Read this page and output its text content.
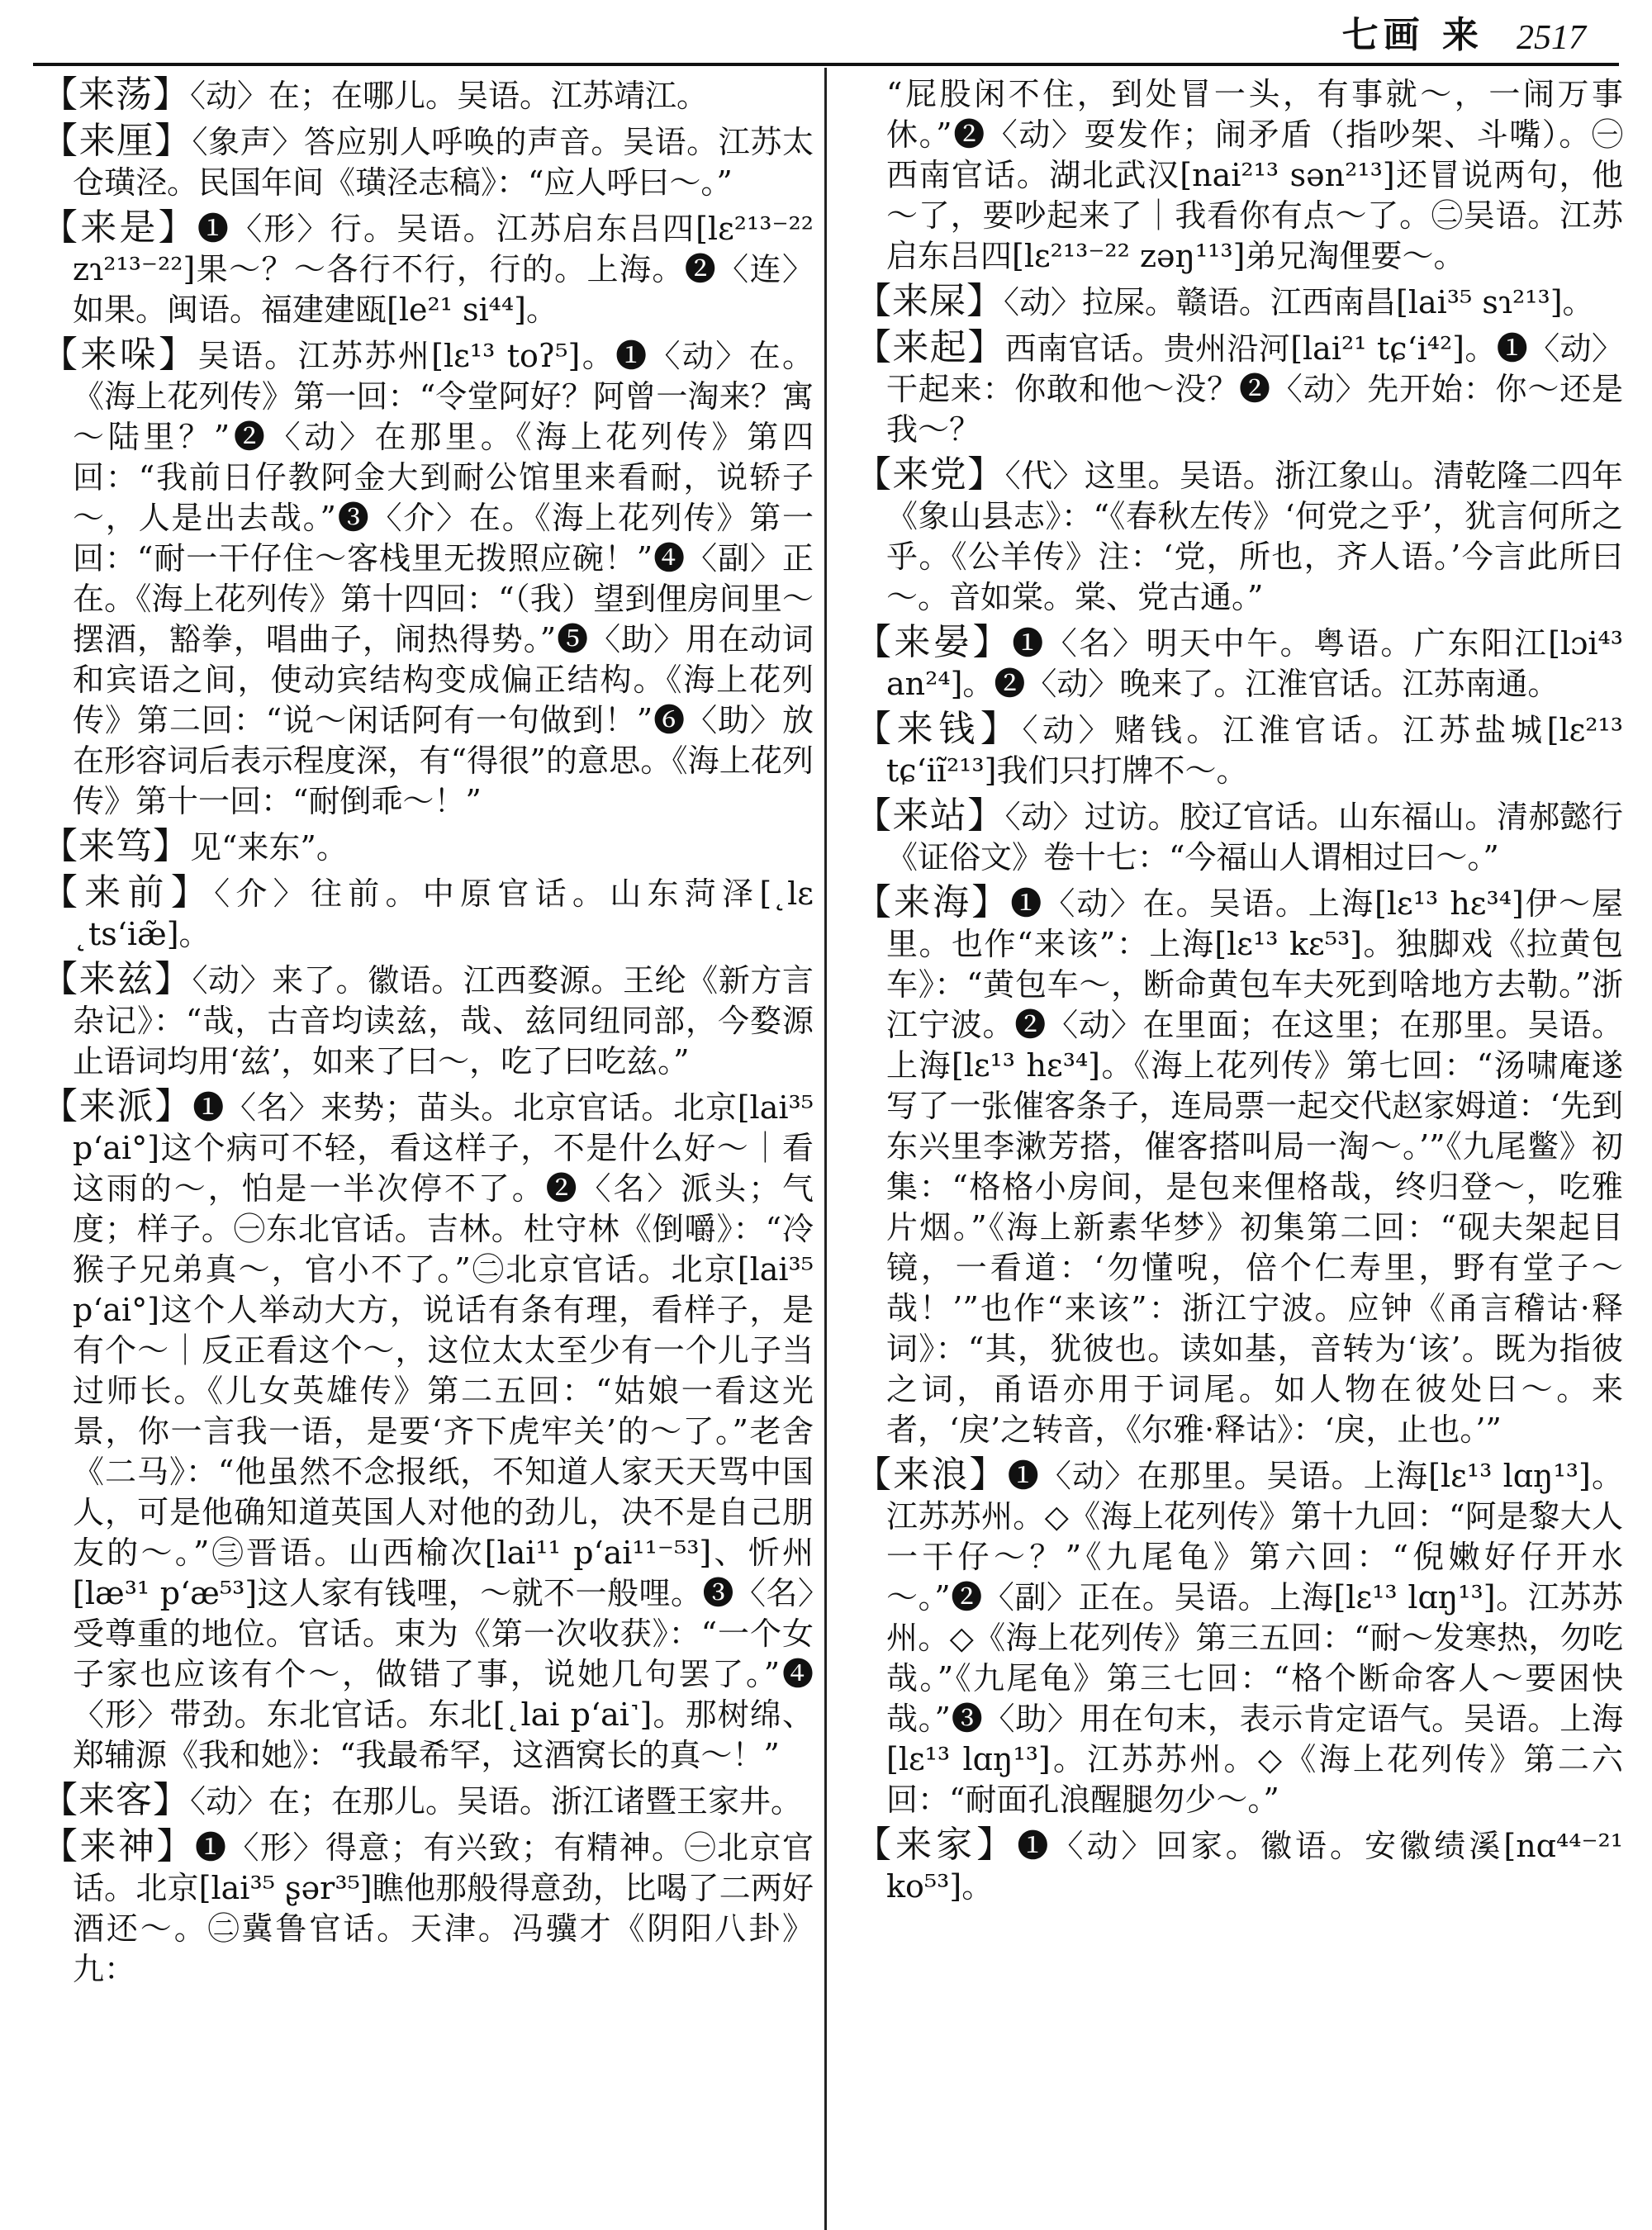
七画 来 2517

【来荡】〈动〉在；在哪儿。吴语。江苏靖江。

【来厘】〈象声〉答应别人呼唤的声音。吴语。江苏太仓璜泾。民国年间《璜泾志稿》：“应人呼曰～。”

【来是】❶〈形〉行。吴语。江苏启东吕四[lɛ²¹³⁻²² zɿ²¹³⁻²²]果～？～各行不行，行的。上海。❷〈连〉如果。闽语。福建建瓯[le²¹ si⁴⁴]。

【来哚】吴语。江苏苏州[lɛ¹³ toʔ⁵]。❶〈动〉在。《海上花列传》第一回：“令堂阿好？阿曾一淘来？寓～陆里？”❷〈动〉在那里。《海上花列传》第四回：“我前日仔教阿金大到耐公馆里来看耐，说轿子～，人是出去哉。”❸〈介〉在。《海上花列传》第一回：“耐一干仔住～客栈里无拨照应碗！”❹〈副〉正在。《海上花列传》第十四回：“（我）望到俚房间里～摆酒，豁拳，唱曲子，闹热得势。”❺〈助〉用在动词和宾语之间，使动宾结构变成偏正结构。《海上花列传》第二回：“说～闲话阿有一句做到！”❻〈助〉放在形容词后表示程度深，有“得很”的意思。《海上花列传》第十一回：“耐倒乖～！”

【来笃】见“来东”。

【来前】〈介〉往前。中原官话。山东菏泽[˛lɛ ˛tsʻiæ̃]。

【来兹】〈动〉来了。徽语。江西婺源。王纶《新方言杂记》：“哉，古音均读兹，哉、兹同纽同部，今婺源止语词均用‘兹’，如来了曰～，吃了曰吃兹。”

【来派】❶〈名〉来势；苗头。北京官话。北京[lai³⁵ pʻai°]这个病可不轻，看这样子，不是什么好～｜看这雨的～，怕是一半次停不了。❷〈名〉派头；气度；样子。㊀东北官话。吉林。杜守林《倒嚼》：“冷猴子兄弟真～，官小不了。”㊁北京官话。北京[lai³⁵ pʻai°]这个人举动大方，说话有条有理，看样子，是有个～｜反正看这个～，这位太太至少有一个儿子当过师长。《儿女英雄传》第二五回：“姑娘一看这光景，你一言我一语，是要‘齐下虎牢关’的～了。”老舍《二马》：“他虽然不念报纸，不知道人家天天骂中国人，可是他确知道英国人对他的劲儿，决不是自己朋友的～。”㊂晋语。山西榆次[lai¹¹ pʻai¹¹⁻⁵³]、忻州[læ³¹ pʻæ⁵³]这人家有钱哩，～就不一般哩。❸〈名〉受尊重的地位。官话。束为《第一次收获》：“一个女子家也应该有个～，做错了事，说她几句罢了。”❹〈形〉带劲。东北官话。东北[˛lai pʻai˺]。那树绵、郑辅源《我和她》：“我最希罕，这酒窝长的真～！”

【来客】〈动〉在；在那儿。吴语。浙江诸暨王家井。

【来神】❶〈形〉得意；有兴致；有精神。㊀北京官话。北京[lai³⁵ ʂər³⁵]瞧他那般得意劲，比喝了二两好酒还～。㊁冀鲁官话。天津。冯骥才《阴阳八卦》九：

“屁股闲不住，到处冒一头，有事就～，一闹万事休。”❷〈动〉耍发作；闹矛盾（指吵架、斗嘴）。㊀西南官话。湖北武汉[nai²¹³ sən²¹³]还冒说两句，他～了，要吵起来了｜我看你有点～了。㊁吴语。江苏启东吕四[lɛ²¹³⁻²² zəŋ¹¹³]弟兄淘俚要～。

【来屎】〈动〉拉屎。赣语。江西南昌[lai³⁵ sɿ²¹³]。

【来起】西南官话。贵州沿河[lai²¹ tɕʻi⁴²]。❶〈动〉干起来：你敢和他～没？❷〈动〉先开始：你～还是我～？

【来党】〈代〉这里。吴语。浙江象山。清乾隆二四年《象山县志》：“《春秋左传》‘何党之乎’，犹言何所之乎。《公羊传》注：‘党，所也，齐人语。’今言此所曰～。音如棠。棠、党古通。”

【来晏】❶〈名〉明天中午。粤语。广东阳江[lɔi⁴³ an²⁴]。❷〈动〉晚来了。江淮官话。江苏南通。

【来钱】〈动〉赌钱。江淮官话。江苏盐城[lɛ²¹³ tɕʻiĩ²¹³]我们只打牌不～。

【来站】〈动〉过访。胶辽官话。山东福山。清郝懿行《证俗文》卷十七：“今福山人谓相过曰～。”

【来海】❶〈动〉在。吴语。上海[lɛ¹³ hɛ³⁴]伊～屋里。也作“来该”：上海[lɛ¹³ kɛ⁵³]。独脚戏《拉黄包车》：“黄包车～，断命黄包车夫死到啥地方去勒。”浙江宁波。❷〈动〉在里面；在这里；在那里。吴语。上海[lɛ¹³ hɛ³⁴]。《海上花列传》第七回：“汤啸庵遂写了一张催客条子，连局票一起交代赵家姆道：‘先到东兴里李漱芳搭，催客搭叫局一淘～。’”《九尾鳖》初集：“格格小房间，是包来俚格哉，终归登～，吃雅片烟。”《海上新素华梦》初集第二回：“砚夫架起目镜，一看道：‘勿懂唲，倍个仁寿里，野有堂子～哉！’”也作“来该”：浙江宁波。应钟《甬言稽诂·释词》：“其，犹彼也。读如基，音转为‘该’。既为指彼之词，甬语亦用于词尾。如人物在彼处曰～。来者，‘戾’之转音，《尔雅·释诂》：‘戾，止也。’”

【来浪】❶〈动〉在那里。吴语。上海[lɛ¹³ lɑŋ¹³]。江苏苏州。◇《海上花列传》第十九回：“阿是黎大人一干仔～？”《九尾龟》第六回：“倪嫩好仔开水～。”❷〈副〉正在。吴语。上海[lɛ¹³ lɑŋ¹³]。江苏苏州。◇《海上花列传》第三五回：“耐～发寒热，勿吃哉。”《九尾龟》第三七回：“格个断命客人～要困快哉。”❸〈助〉用在句末，表示肯定语气。吴语。上海[lɛ¹³ lɑŋ¹³]。江苏苏州。◇《海上花列传》第二六回：“耐面孔浪醒腿勿少～。”

【来家】❶〈动〉回家。徽语。安徽绩溪[nɑ⁴⁴⁻²¹ ko⁵³]。
